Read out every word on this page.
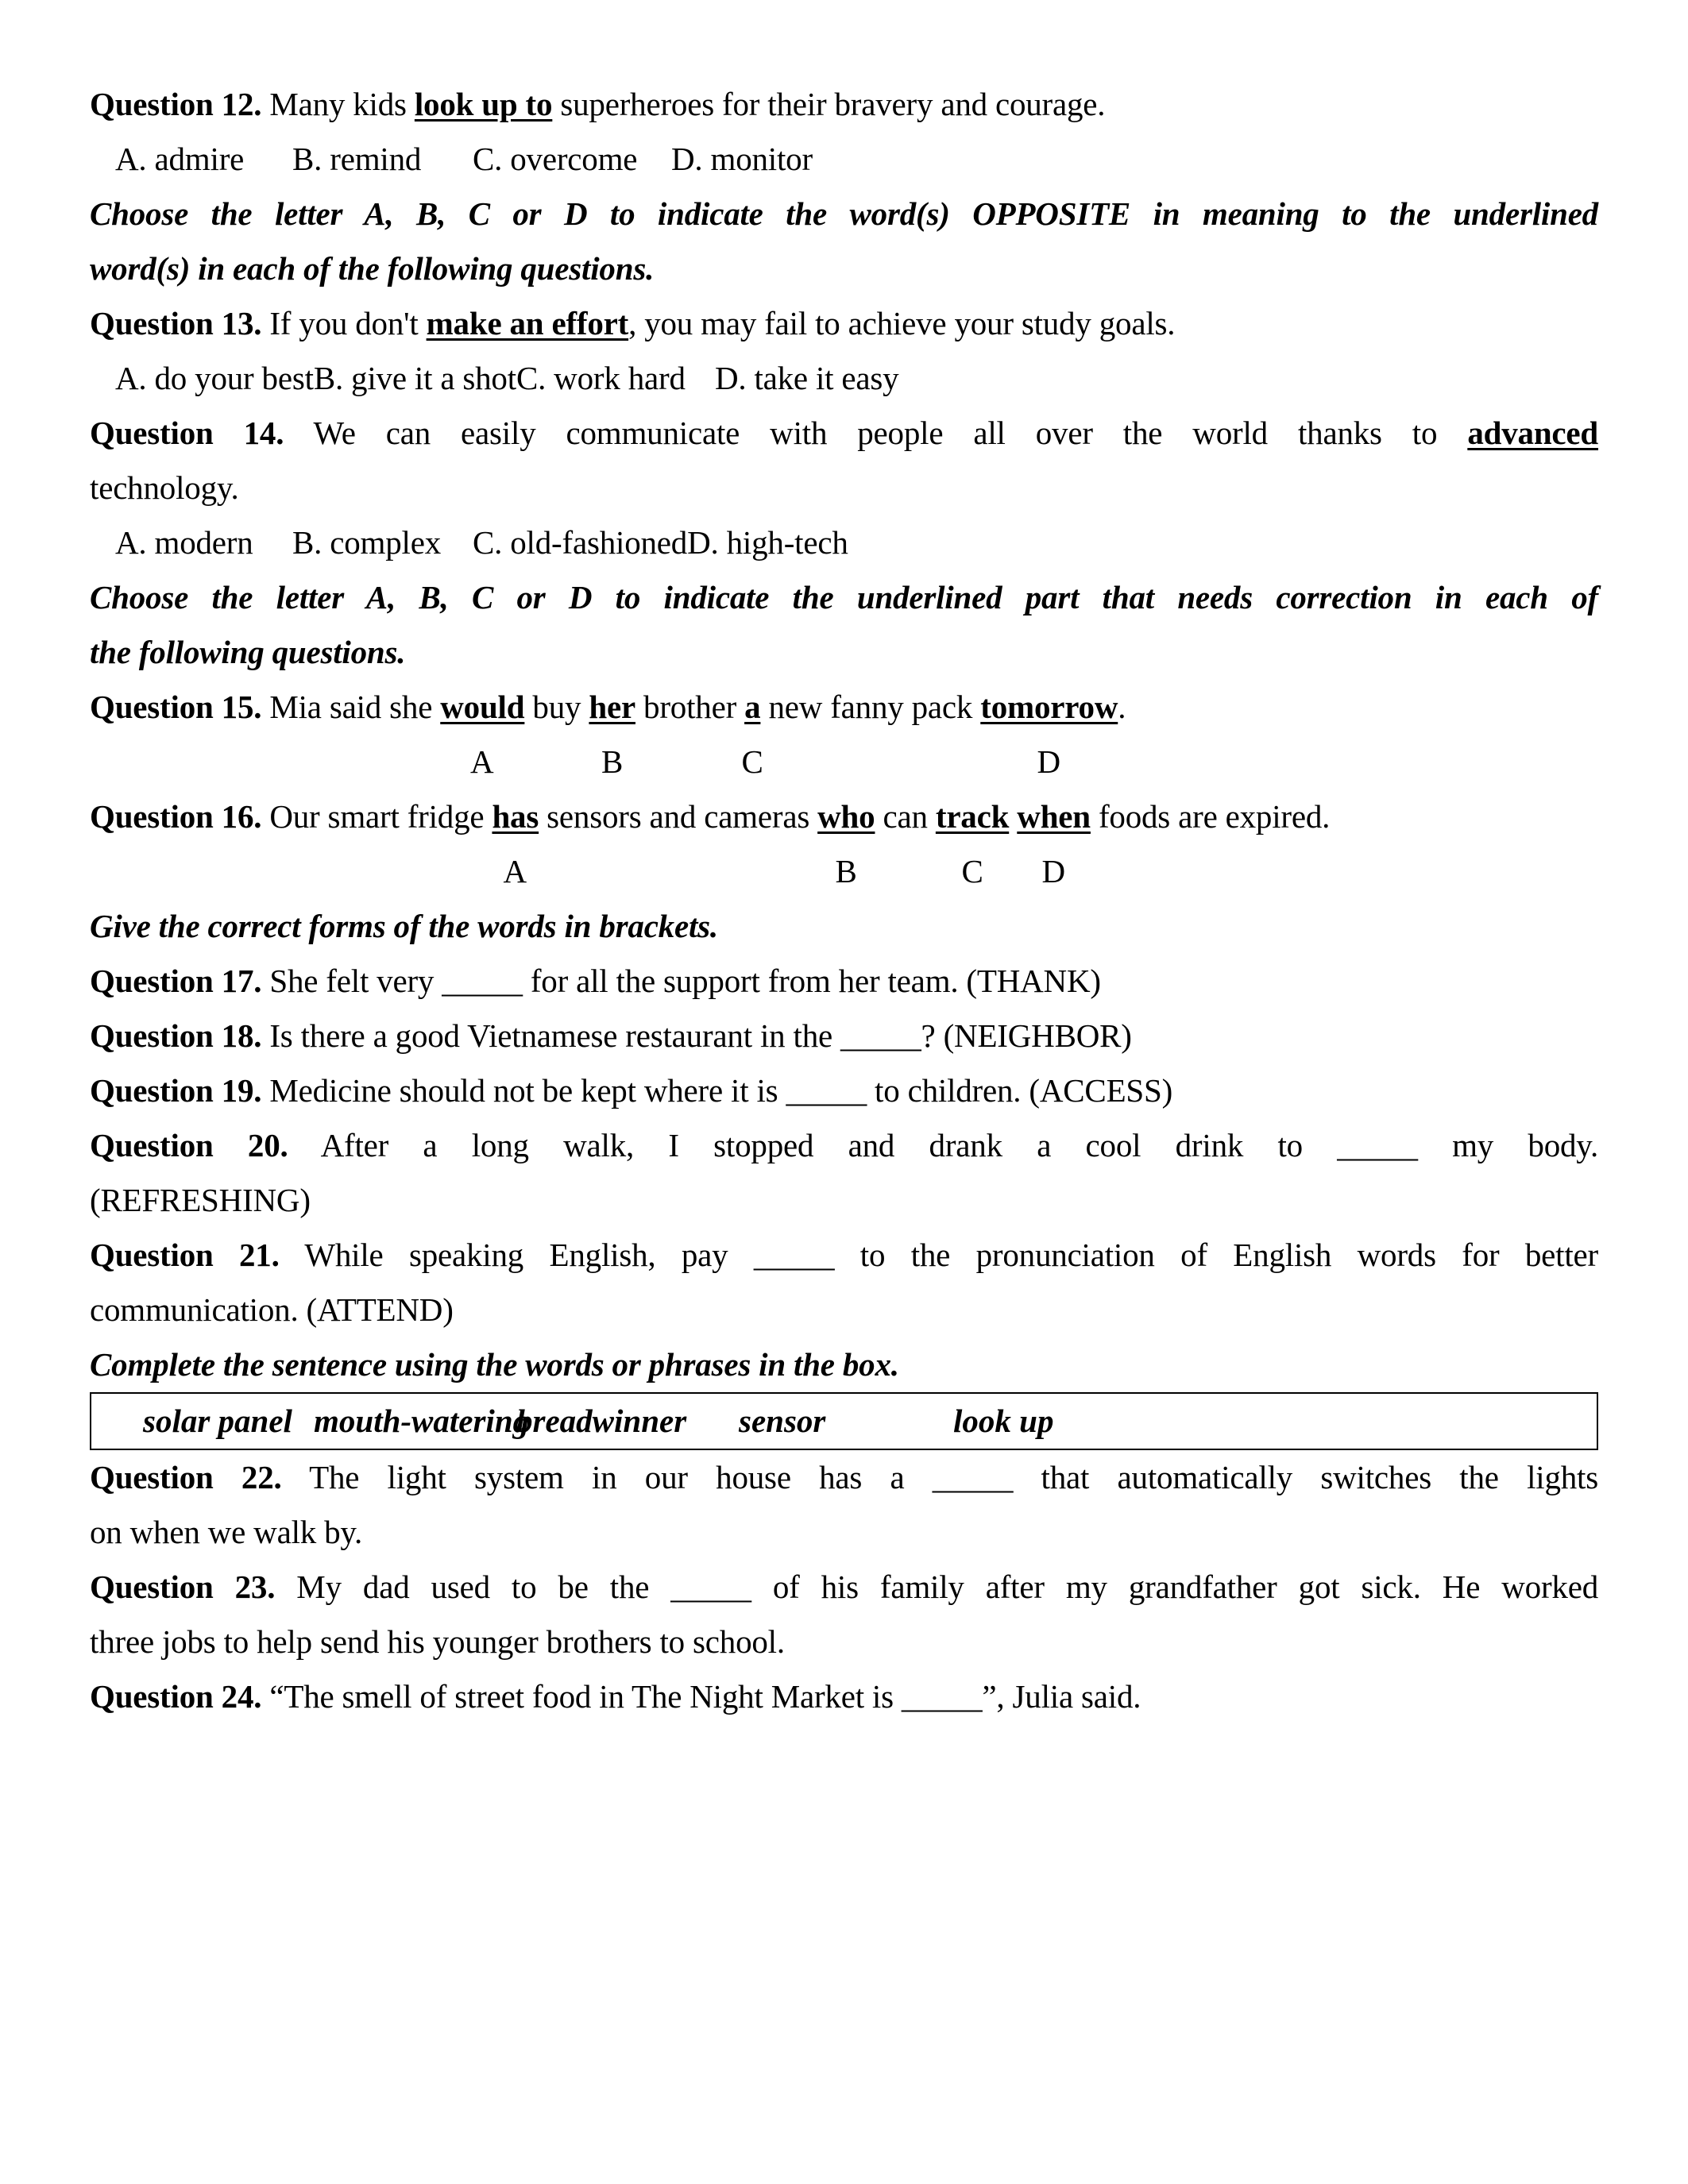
Question 12. Many kids look up to superheroes for their bravery and courage.
A. admire	B. remind	C. overcome	D. monitor
Choose the letter A, B, C or D to indicate the word(s) OPPOSITE in meaning to the underlined
word(s) in each of the following questions.
Question 13. If you don't make an effort, you may fail to achieve your study goals.
A. do your best B. give it a shot C. work hard D. take it easy
Question 14. We can easily communicate with people all over the world thanks to advanced
technology.
A. modern	B. complex C. old-fashioned D. high-tech
Choose the letter A, B, C or D to indicate the underlined part that needs correction in each of
the following questions.
Question 15. Mia said she would buy her brother a new fanny pack tomorrow.
A	B	C	D
Question 16. Our smart fridge has sensors and cameras who can track when foods are expired.
A	B	C D
Give the correct forms of the words in brackets.
Question 17. She felt very _____ for all the support from her team. (THANK)
Question 18. Is there a good Vietnamese restaurant in the _____? (NEIGHBOR)
Question 19. Medicine should not be kept where it is _____ to children. (ACCESS)
Question 20. After a long walk, I stopped and drank a cool drink to _____ my body.
(REFRESHING)
Question 21. While speaking English, pay _____ to the pronunciation of English words for better
communication. (ATTEND)
Complete the sentence using the words or phrases in the box.
solar panel mouth-watering
breadwinner sensor	look up
Question 22. The light system in our house has a _____ that automatically switches the lights
on when we walk by.
Question 23. My dad used to be the _____ of his family after my grandfather got sick. He worked
three jobs to help send his younger brothers to school.
Question 24. “The smell of street food in The Night Market is _____”, Julia said.
